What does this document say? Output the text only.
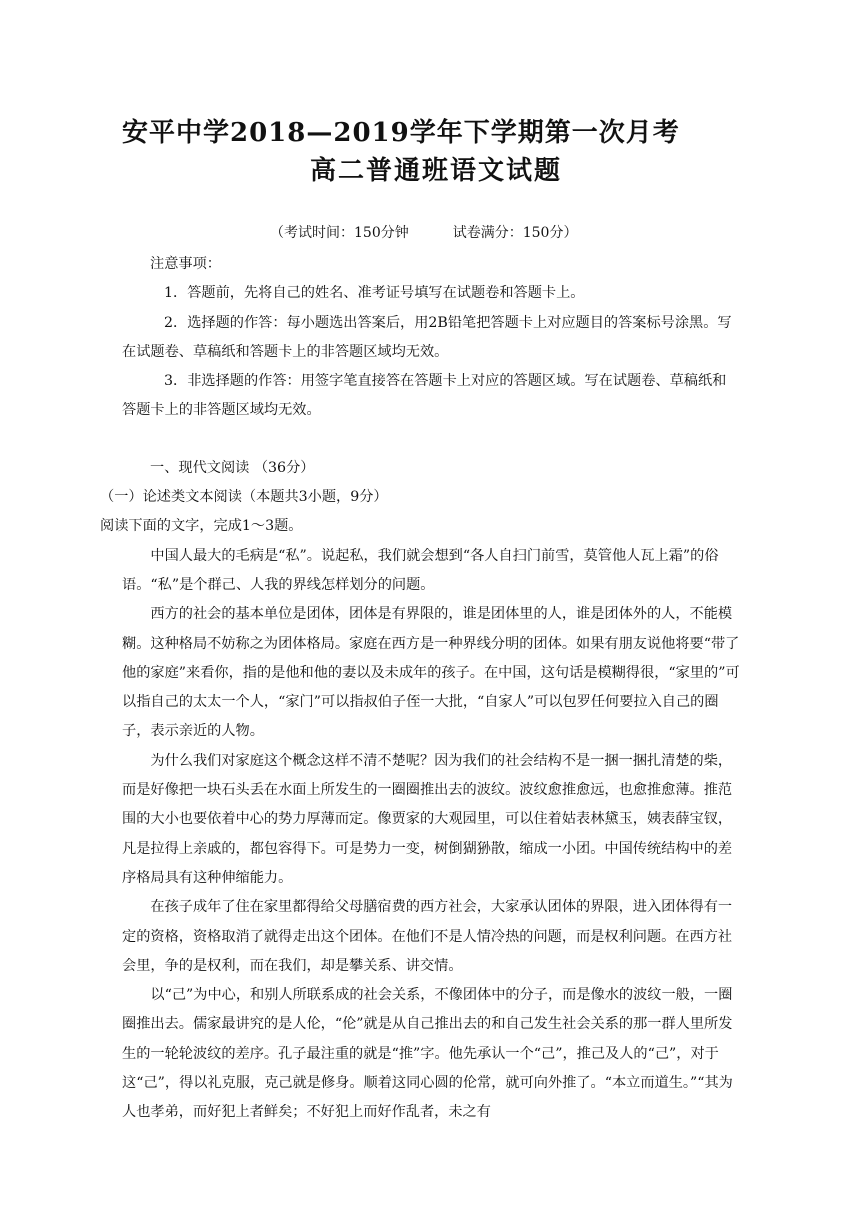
安平中学2018—2019学年下学期第一次月考
高二普通班语文试题
（考试时间：150分钟	试卷满分：150分）

注意事项：

1．答题前，先将自己的姓名、准考证号填写在试题卷和答题卡上。

2．选择题的作答：每小题选出答案后，用2B铅笔把答题卡上对应题目的答案标号涂黑。写在试题卷、草稿纸和答题卡上的非答题区域均无效。

3．非选择题的作答：用签字笔直接答在答题卡上对应的答题区域。写在试题卷、草稿纸和答题卡上的非答题区域均无效。

一、现代文阅读 （36分）

（一）论述类文本阅读（本题共3小题，9分）

阅读下面的文字，完成1～3题。

中国人最大的毛病是“私”。说起私，我们就会想到“各人自扫门前雪，莫管他人瓦上霜”的俗语。“私”是个群己、人我的界线怎样划分的问题。

西方的社会的基本单位是团体，团体是有界限的，谁是团体里的人，谁是团体外的人，不能模糊。这种格局不妨称之为团体格局。家庭在西方是一种界线分明的团体。如果有朋友说他将要“带了他的家庭”来看你，指的是他和他的妻以及未成年的孩子。在中国，这句话是模糊得很，“家里的”可以指自己的太太一个人，“家门”可以指叔伯子侄一大批，“自家人”可以包罗任何要拉入自己的圈子，表示亲近的人物。

为什么我们对家庭这个概念这样不清不楚呢？因为我们的社会结构不是一捆一捆扎清楚的柴，而是好像把一块石头丢在水面上所发生的一圈圈推出去的波纹。波纹愈推愈远，也愈推愈薄。推范围的大小也要依着中心的势力厚薄而定。像贾家的大观园里，可以住着姑表林黛玉，姨表薛宝钗，凡是拉得上亲戚的，都包容得下。可是势力一变，树倒猢狲散，缩成一小团。中国传统结构中的差序格局具有这种伸缩能力。

在孩子成年了住在家里都得给父母膳宿费的西方社会，大家承认团体的界限，进入团体得有一定的资格，资格取消了就得走出这个团体。在他们不是人情冷热的问题，而是权利问题。在西方社会里，争的是权利，而在我们，却是攀关系、讲交情。

以“己”为中心，和别人所联系成的社会关系，不像团体中的分子，而是像水的波纹一般，一圈圈推出去。儒家最讲究的是人伦，“伦”就是从自己推出去的和自己发生社会关系的那一群人里所发生的一轮轮波纹的差序。孔子最注重的就是“推”字。他先承认一个“己”，推己及人的“己”，对于这“己”，得以礼克服，克己就是修身。顺着这同心圆的伦常，就可向外推了。“本立而道生。”“其为人也孝弟，而好犯上者鲜矣；不好犯上而好作乱者，未之有
